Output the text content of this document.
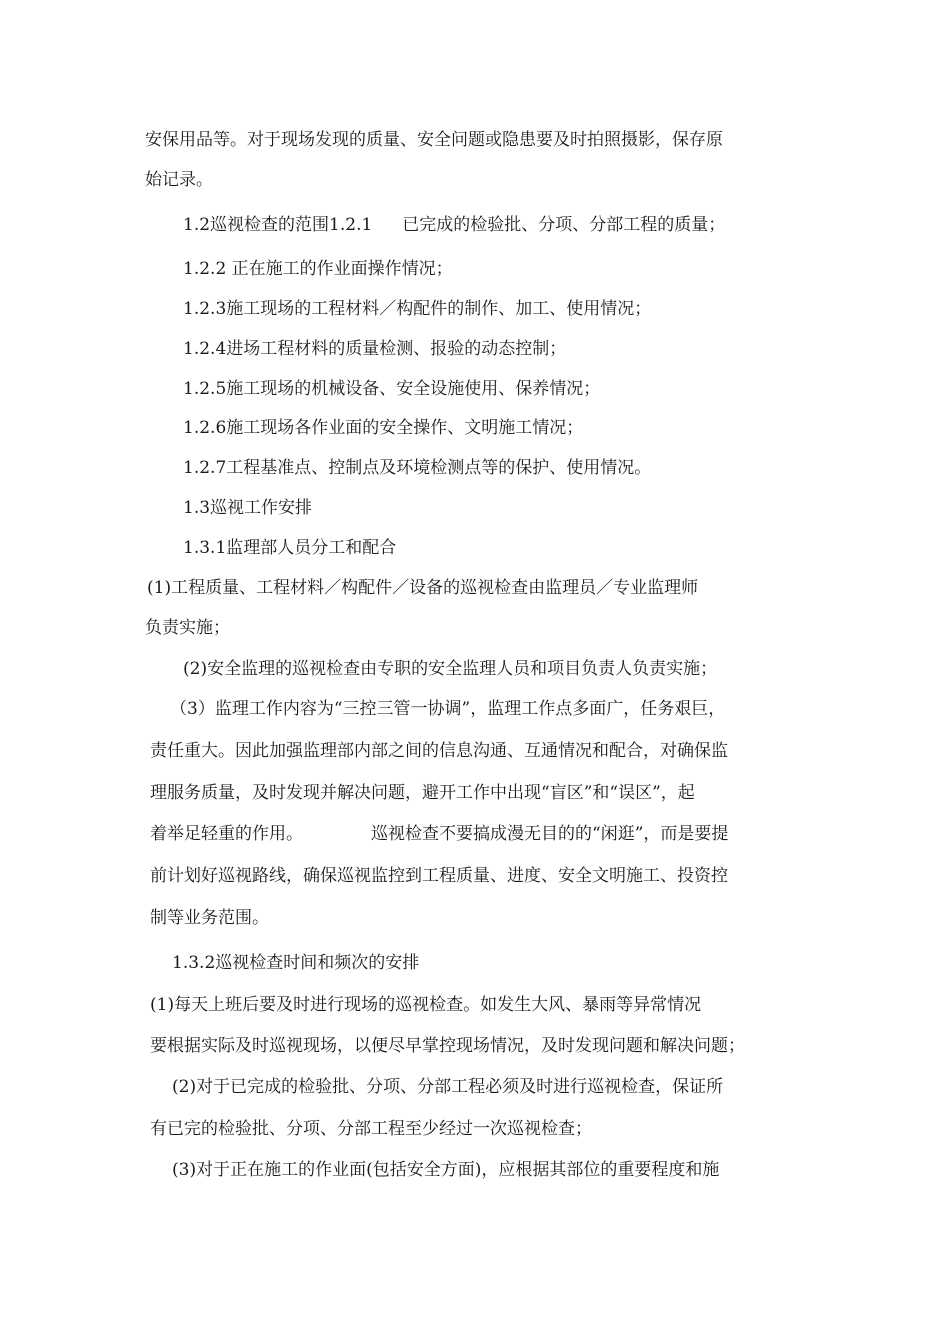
安保用品等。对于现场发现的质量、安全问题或隐患要及时拍照摄影，保存原
始记录。
1.2巡视检查的范围1.2.1 已完成的检验批、分项、分部工程的质量；
1.2.2 正在施工的作业面操作情况；
1.2.3施工现场的工程材料／构配件的制作、加工、使用情况；
1.2.4进场工程材料的质量检测、报验的动态控制；
1.2.5施工现场的机械设备、安全设施使用、保养情况；
1.2.6施工现场各作业面的安全操作、文明施工情况；
1.2.7工程基准点、控制点及环境检测点等的保护、使用情况。
1.3巡视工作安排
1.3.1监理部人员分工和配合
(1)工程质量、工程材料／构配件／设备的巡视检查由监理员／专业监理师
负责实施；
(2)安全监理的巡视检查由专职的安全监理人员和项目负责人负责实施；
（3）监理工作内容为“三控三管一协调”，监理工作点多面广，任务艰巨，
责任重大。因此加强监理部内部之间的信息沟通、互通情况和配合，对确保监
理服务质量，及时发现并解决问题，避开工作中出现“盲区”和“误区”，起
着举足轻重的作用。	巡视检查不要搞成漫无目的的“闲逛”，而是要提
前计划好巡视路线，确保巡视监控到工程质量、进度、安全文明施工、投资控
制等业务范围。
1.3.2巡视检查时间和频次的安排
(1)每天上班后要及时进行现场的巡视检查。如发生大风、暴雨等异常情况
要根据实际及时巡视现场，以便尽早掌控现场情况，及时发现问题和解决问题；
(2)对于已完成的检验批、分项、分部工程必须及时进行巡视检查，保证所
有已完的检验批、分项、分部工程至少经过一次巡视检查；
(3)对于正在施工的作业面(包括安全方面)，应根据其部位的重要程度和施
